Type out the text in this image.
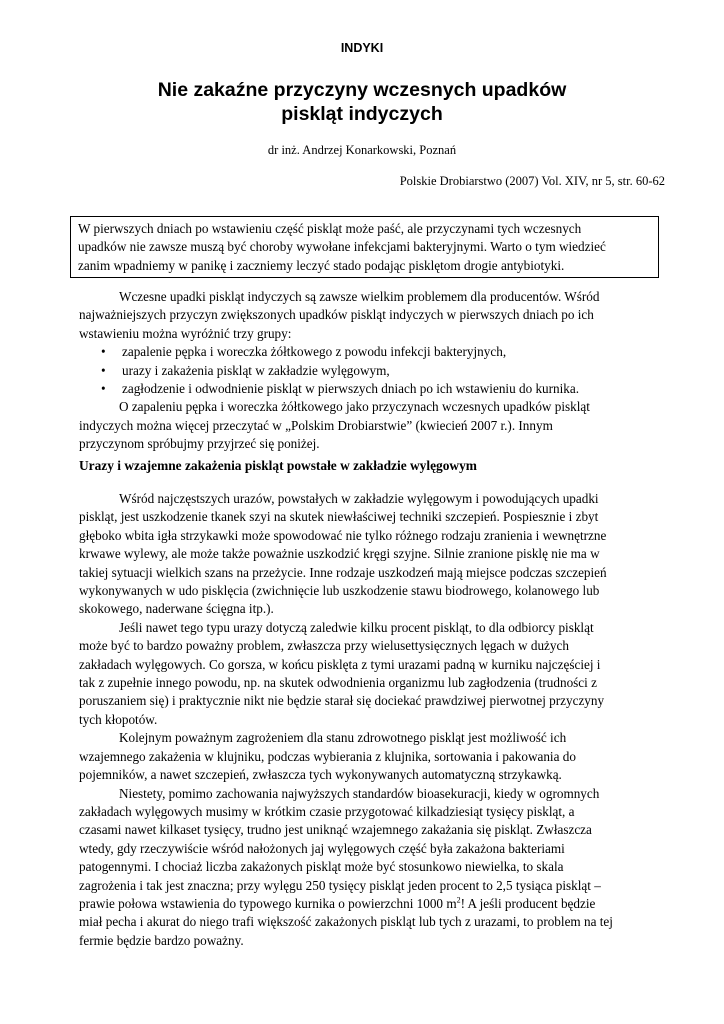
INDYKI
Nie zakaźne przyczyny wczesnych upadków
piskląt indyczych
dr inż. Andrzej Konarkowski, Poznań
Polskie Drobiarstwo (2007) Vol. XIV, nr 5, str. 60-62
W pierwszych dniach po wstawieniu część piskląt może paść, ale przyczynami tych wczesnych
upadków nie zawsze muszą być choroby wywołane infekcjami bakteryjnymi. Warto o tym wiedzieć
zanim wpadniemy w panikę i zaczniemy leczyć stado podając pisklętom drogie antybiotyki.
Wczesne upadki piskląt indyczych są zawsze wielkim problemem dla producentów. Wśród
najważniejszych przyczyn zwiększonych upadków piskląt indyczych w pierwszych dniach po ich
wstawieniu można wyróżnić trzy grupy:
• zapalenie pępka i woreczka żółtkowego z powodu infekcji bakteryjnych,
• urazy i zakażenia piskląt w zakładzie wylęgowym,
• zagłodzenie i odwodnienie piskląt w pierwszych dniach po ich wstawieniu do kurnika.
O zapaleniu pępka i woreczka żółtkowego jako przyczynach wczesnych upadków piskląt
indyczych można więcej przeczytać w „Polskim Drobiarstwie” (kwiecień 2007 r.). Innym
przyczynom spróbujmy przyjrzeć się poniżej.
Urazy i wzajemne zakażenia piskląt powstałe w zakładzie wylęgowym
Wśród najczęstszych urazów, powstałych w zakładzie wylęgowym i powodujących upadki
piskląt, jest uszkodzenie tkanek szyi na skutek niewłaściwej techniki szczepień. Pospiesznie i zbyt
głęboko wbita igła strzykawki może spowodować nie tylko różnego rodzaju zranienia i wewnętrzne
krwawe wylewy, ale może także poważnie uszkodzić kręgi szyjne. Silnie zranione pisklę nie ma w
takiej sytuacji wielkich szans na przeżycie. Inne rodzaje uszkodzeń mają miejsce podczas szczepień
wykonywanych w udo pisklęcia (zwichnięcie lub uszkodzenie stawu biodrowego, kolanowego lub
skokowego, naderwane ścięgna itp.).
Jeśli nawet tego typu urazy dotyczą zaledwie kilku procent piskląt, to dla odbiorcy piskląt
może być to bardzo poważny problem, zwłaszcza przy wielusettysięcznych lęgach w dużych
zakładach wylęgowych. Co gorsza, w końcu pisklęta z tymi urazami padną w kurniku najczęściej i
tak z zupełnie innego powodu, np. na skutek odwodnienia organizmu lub zagłodzenia (trudności z
poruszaniem się) i praktycznie nikt nie będzie starał się dociekać prawdziwej pierwotnej przyczyny
tych kłopotów.
Kolejnym poważnym zagrożeniem dla stanu zdrowotnego piskląt jest możliwość ich
wzajemnego zakażenia w klujniku, podczas wybierania z klujnika, sortowania i pakowania do
pojemników, a nawet szczepień, zwłaszcza tych wykonywanych automatyczną strzykawką.
Niestety, pomimo zachowania najwyższych standardów bioasekuracji, kiedy w ogromnych
zakładach wylęgowych musimy w krótkim czasie przygotować kilkadziesiąt tysięcy piskląt, a
czasami nawet kilkaset tysięcy, trudno jest uniknąć wzajemnego zakażania się piskląt. Zwłaszcza
wtedy, gdy rzeczywiście wśród nałożonych jaj wylęgowych część była zakażona bakteriami
patogennymi. I chociaż liczba zakażonych piskląt może być stosunkowo niewielka, to skala
zagrożenia i tak jest znaczna; przy wylęgu 250 tysięcy piskląt jeden procent to 2,5 tysiąca piskląt –
prawie połowa wstawienia do typowego kurnika o powierzchni 1000 $m^2$! A jeśli producent będzie
miał pecha i akurat do niego trafi większość zakażonych piskląt lub tych z urazami, to problem na tej
fermie będzie bardzo poważny.
